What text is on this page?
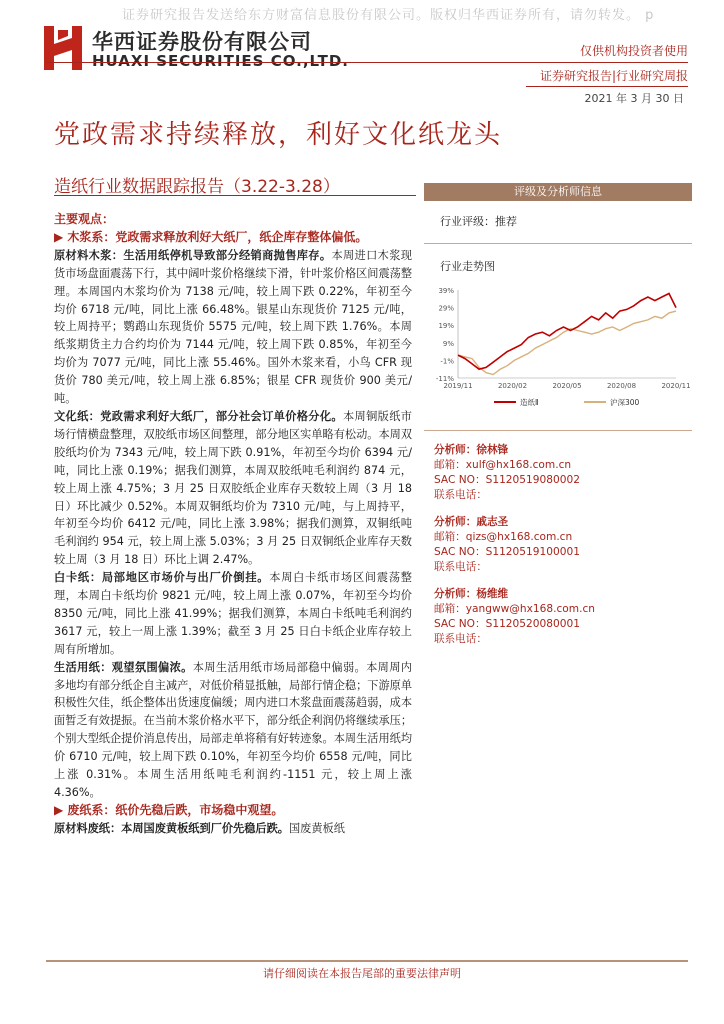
证券研究报告发送给东方财富信息股份有限公司。版权归华西证券所有，请勿转发。 p
华西证券股份有限公司
HUAXI SECURITIES CO.,LTD.
仅供机构投资者使用
证券研究报告|行业研究周报
2021 年 3 月 30 日
党政需求持续释放，利好文化纸龙头
造纸行业数据跟踪报告（3.22-3.28）

主要观点：

▶ 木浆系：党政需求释放利好大纸厂，纸企库存整体偏低。

原材料木浆：生活用纸停机导致部分经销商抛售库存。本周进口木浆现货市场盘面震荡下行，其中阔叶浆价格继续下滑，针叶浆价格区间震荡整理。本周国内木浆均价为 7138 元/吨，较上周下跌 0.22%，年初至今均价 6718 元/吨，同比上涨 66.48%。银星山东现货价 7125 元/吨，较上周持平；鹦鹉山东现货价 5575 元/吨，较上周下跌 1.76%。本周纸浆期货主力合约均价为 7144 元/吨，较上周下跌 0.85%，年初至今均价为 7077 元/吨，同比上涨 55.46%。国外木浆来看，小鸟 CFR 现货价 780 美元/吨，较上周上涨 6.85%；银星 CFR 现货价 900 美元/吨。

文化纸：党政需求利好大纸厂，部分社会订单价格分化。本周铜版纸市场行情横盘整理，双胶纸市场区间整理，部分地区实单略有松动。本周双胶纸均价为 7343 元/吨，较上周下跌 0.91%，年初至今均价 6394 元/吨，同比上涨 0.19%；据我们测算，本周双胶纸吨毛利润约 874 元，较上周上涨 4.75%；3 月 25 日双胶纸企业库存天数较上周（3 月 18 日）环比减少 0.52%。本周双铜纸均价为 7310 元/吨，与上周持平，年初至今均价 6412 元/吨，同比上涨 3.98%；据我们测算，双铜纸吨毛利润约 954 元，较上周上涨 5.03%；3 月 25 日双铜纸企业库存天数较上周（3 月 18 日）环比上调 2.47%。

白卡纸：局部地区市场价与出厂价倒挂。本周白卡纸市场区间震荡整理，本周白卡纸均价 9821 元/吨，较上周上涨 0.07%，年初至今均价 8350 元/吨，同比上涨 41.99%；据我们测算，本周白卡纸吨毛利润约 3617 元，较上一周上涨 1.39%；截至 3 月 25 日白卡纸企业库存较上周有所增加。

生活用纸：观望氛围偏浓。本周生活用纸市场局部稳中偏弱。本周周内多地均有部分纸企自主减产，对低价稍显抵触，局部行情企稳；下游原单积极性欠佳，纸企整体出货速度偏缓；周内进口木浆盘面震荡趋弱，成本面暂乏有效提振。在当前木浆价格水平下，部分纸企利润仍将继续承压；个别大型纸企提价消息传出，局部走单将稍有好转迹象。本周生活用纸均价 6710 元/吨，较上周下跌 0.10%，年初至今均价 6558 元/吨，同比上涨 0.31%。本周生活用纸吨毛利润约-1151 元，较上周上涨 4.36%。

▶ 废纸系：纸价先稳后跌，市场稳中观望。

原材料废纸：本周国废黄板纸到厂价先稳后跌。国废黄板纸

评级及分析师信息
行业评级：推荐
行业走势图
39%
29%
19%
9%
-1%
-11%
2019/11	2020/02	2020/05	2020/08	2020/11
造纸Ⅱ	沪深300
分析师：徐林锋
邮箱：xulf@hx168.com.cn
SAC NO：S1120519080002
联系电话：
分析师：戚志圣
邮箱：qizs@hx168.com.cn
SAC NO：S1120519100001
联系电话：
分析师：杨维维
邮箱：yangww@hx168.com.cn
SAC NO：S1120520080001
联系电话：
请仔细阅读在本报告尾部的重要法律声明
